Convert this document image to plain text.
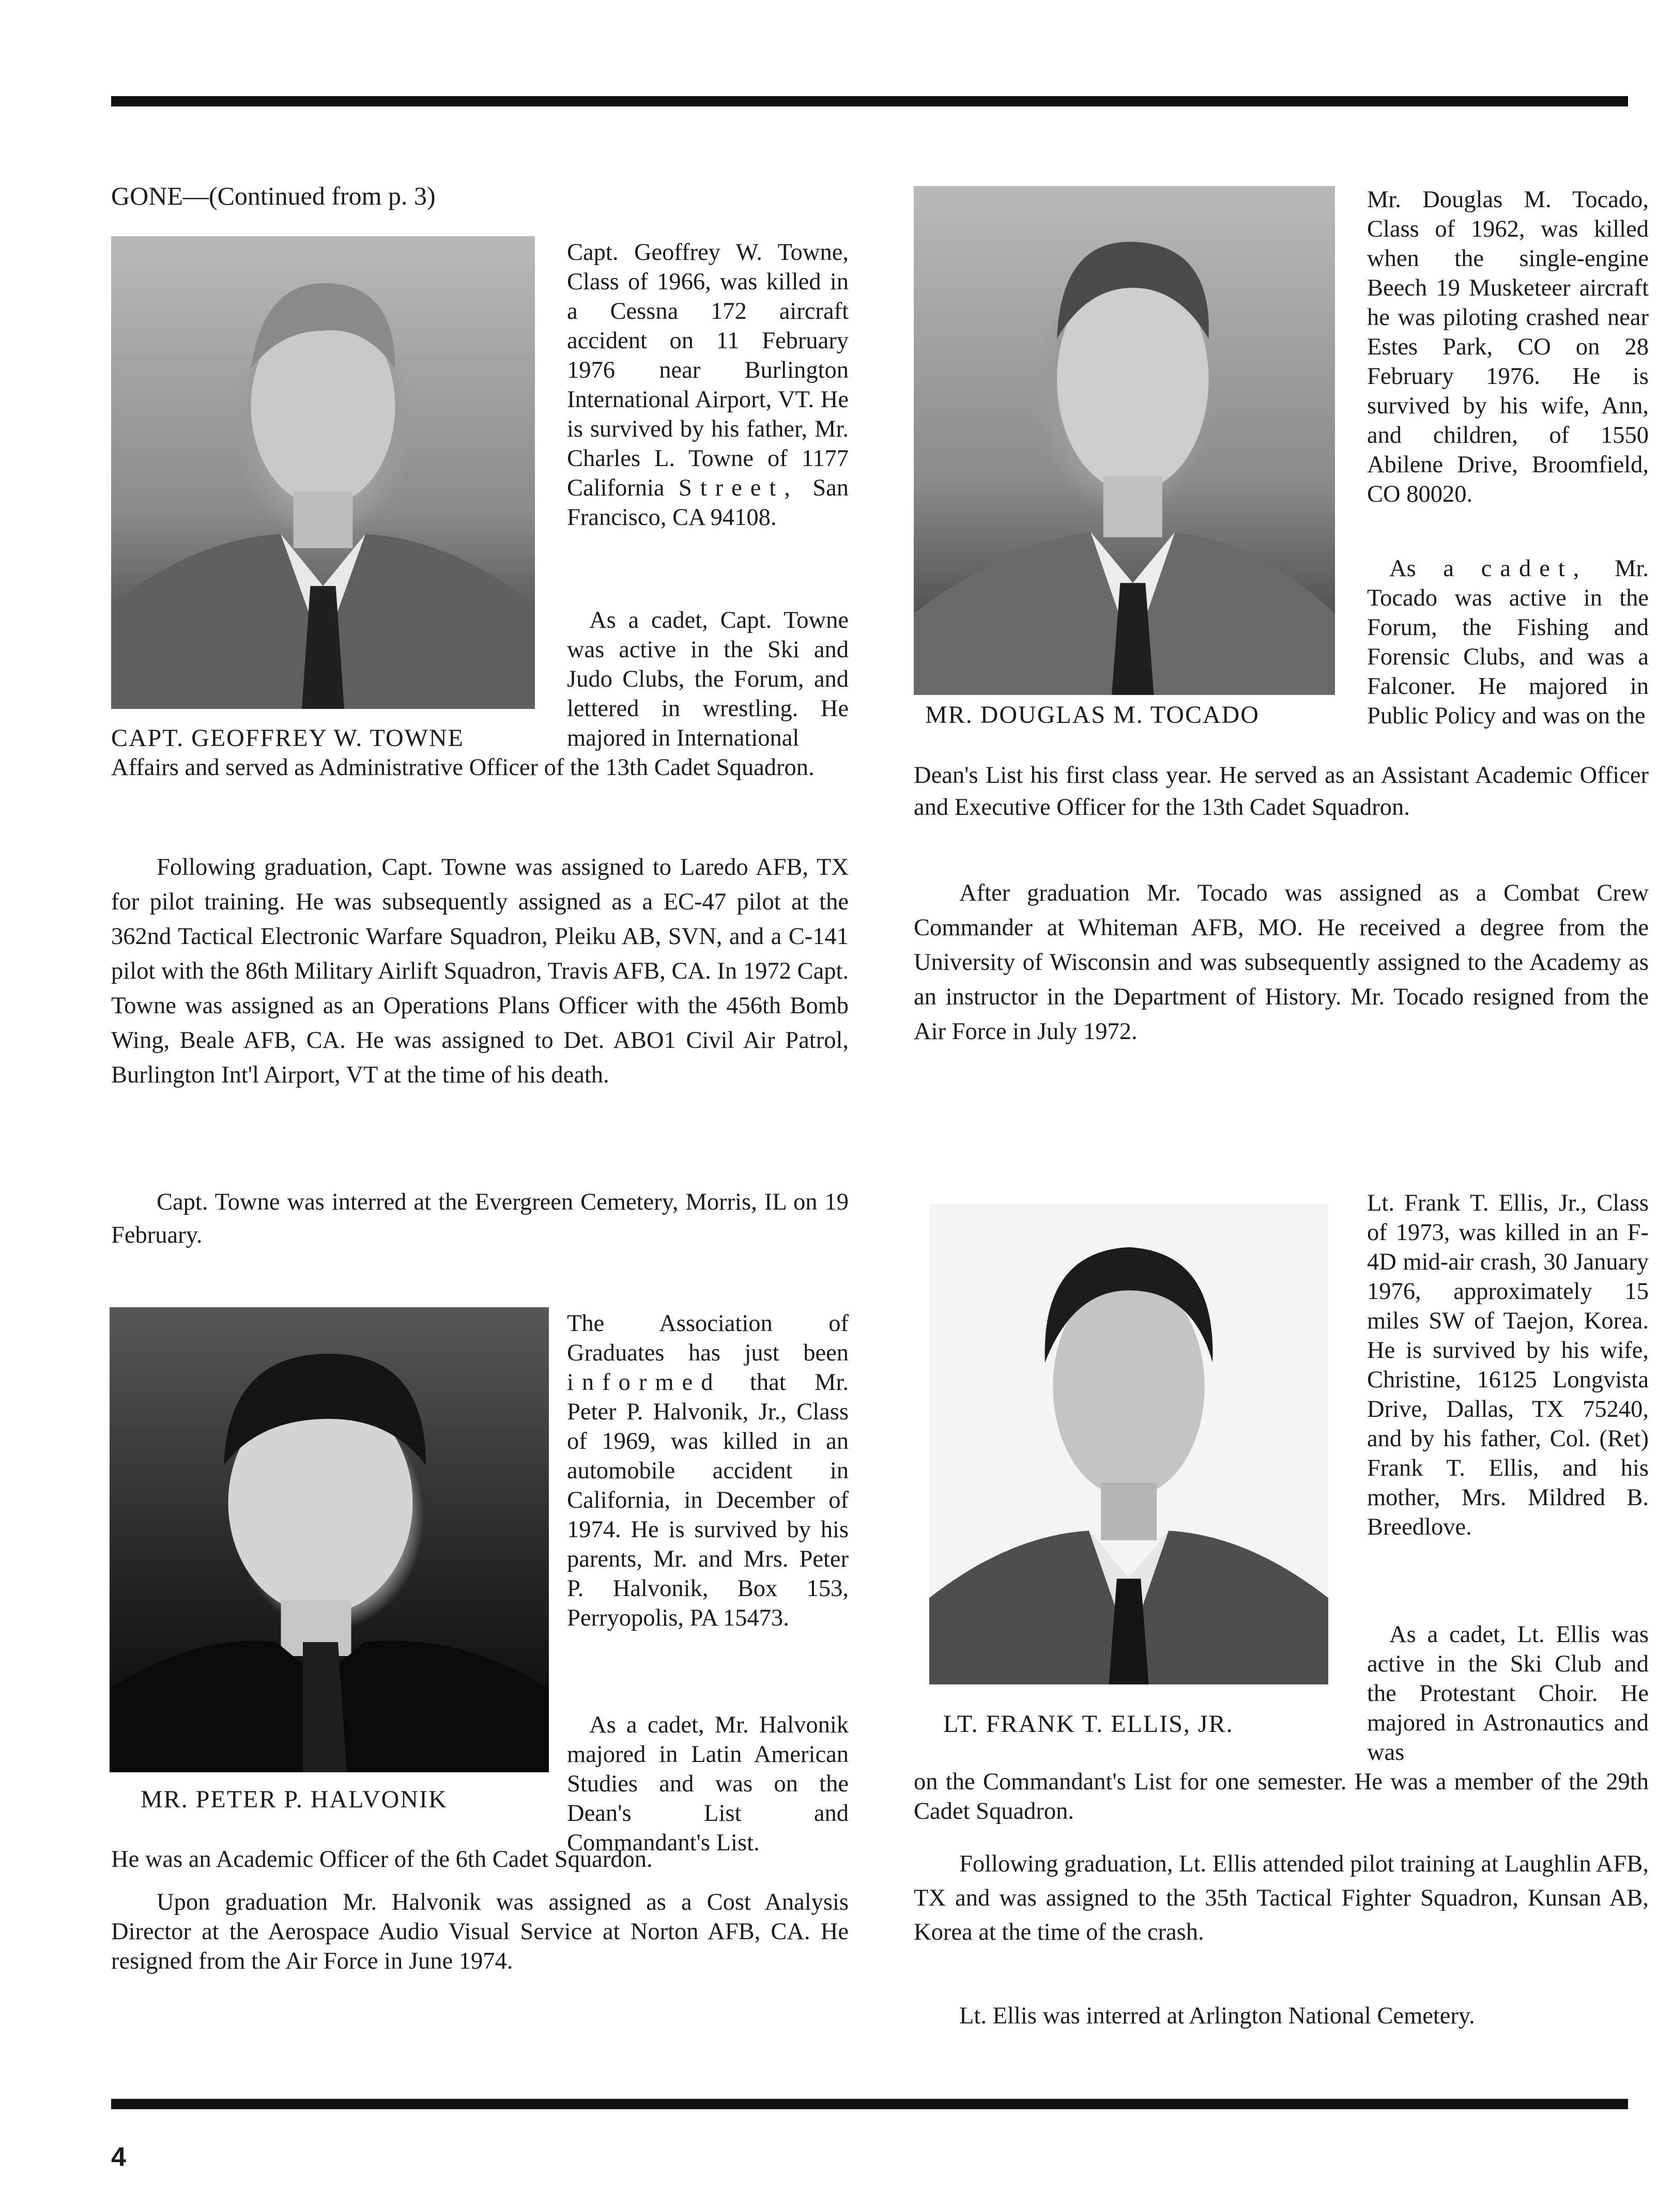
GONE—(Continued from p. 3)
CAPT. GEOFFREY W. TOWNE

Capt. Geoffrey W. Towne, Class of 1966, was killed in a Cessna 172 aircraft accident on 11 February 1976 near Burlington International Airport, VT. He is survived by his father, Mr. Charles L. Towne of 1177 California Street, San Francisco, CA 94108.

As a cadet, Capt. Towne was active in the Ski and Judo Clubs, the Forum, and lettered in wrestling. He majored in International

Affairs and served as Administrative Officer of the 13th Cadet Squadron.

Following graduation, Capt. Towne was assigned to Laredo AFB, TX for pilot training. He was subsequently assigned as a EC-47 pilot at the 362nd Tactical Electronic Warfare Squadron, Pleiku AB, SVN, and a C-141 pilot with the 86th Military Airlift Squadron, Travis AFB, CA. In 1972 Capt. Towne was assigned as an Operations Plans Officer with the 456th Bomb Wing, Beale AFB, CA. He was assigned to Det. ABO1 Civil Air Patrol, Burlington Int'l Airport, VT at the time of his death.

Capt. Towne was interred at the Evergreen Cemetery, Morris, IL on 19 February.

MR. PETER P. HALVONIK

The Association of Graduates has just been informed that Mr. Peter P. Halvonik, Jr., Class of 1969, was killed in an automobile accident in California, in December of 1974. He is survived by his parents, Mr. and Mrs. Peter P. Halvonik, Box 153, Perryopolis, PA 15473.

As a cadet, Mr. Halvonik majored in Latin American Studies and was on the Dean's List and Commandant's List.

He was an Academic Officer of the 6th Cadet Squardon.

Upon graduation Mr. Halvonik was assigned as a Cost Analysis Director at the Aerospace Audio Visual Service at Norton AFB, CA. He resigned from the Air Force in June 1974.

MR. DOUGLAS M. TOCADO

Mr. Douglas M. Tocado, Class of 1962, was killed when the single-engine Beech 19 Musketeer aircraft he was piloting crashed near Estes Park, CO on 28 February 1976. He is survived by his wife, Ann, and children, of 1550 Abilene Drive, Broomfield, CO 80020.

As a cadet, Mr. Tocado was active in the Forum, the Fishing and Forensic Clubs, and was a Falconer. He majored in Public Policy and was on the

Dean's List his first class year. He served as an Assistant Academic Officer and Executive Officer for the 13th Cadet Squadron.

After graduation Mr. Tocado was assigned as a Combat Crew Commander at Whiteman AFB, MO. He received a degree from the University of Wisconsin and was subsequently assigned to the Academy as an instructor in the Department of History. Mr. Tocado resigned from the Air Force in July 1972.

LT. FRANK T. ELLIS, JR.

Lt. Frank T. Ellis, Jr., Class of 1973, was killed in an F-4D mid-air crash, 30 January 1976, approximately 15 miles SW of Taejon, Korea. He is survived by his wife, Christine, 16125 Longvista Drive, Dallas, TX 75240, and by his father, Col. (Ret) Frank T. Ellis, and his mother, Mrs. Mildred B. Breedlove.

As a cadet, Lt. Ellis was active in the Ski Club and the Protestant Choir. He majored in Astronautics and was

on the Commandant's List for one semester. He was a member of the 29th Cadet Squadron.

Following graduation, Lt. Ellis attended pilot training at Laughlin AFB, TX and was assigned to the 35th Tactical Fighter Squadron, Kunsan AB, Korea at the time of the crash.

Lt. Ellis was interred at Arlington National Cemetery.

4
